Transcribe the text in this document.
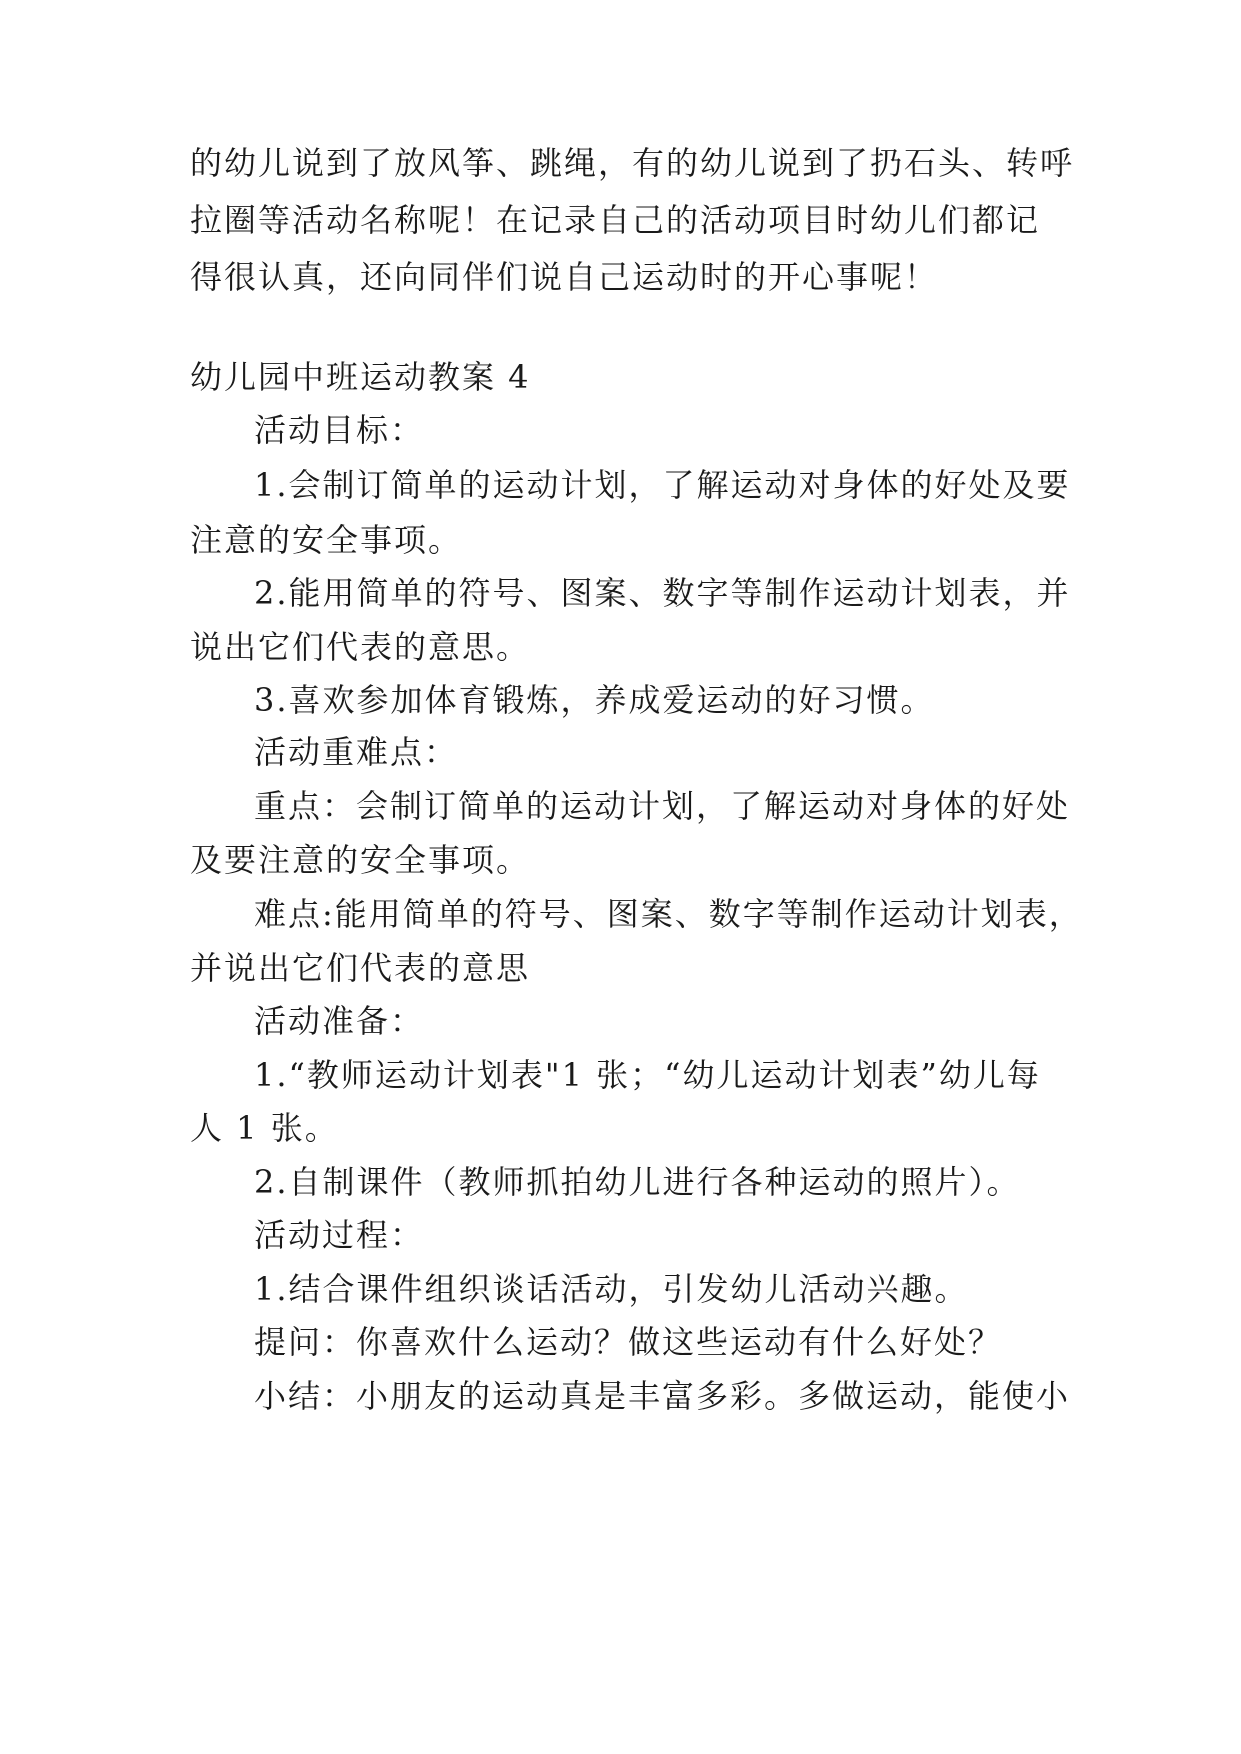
的幼儿说到了放风筝、跳绳，有的幼儿说到了扔石头、转呼
拉圈等活动名称呢！在记录自己的活动项目时幼儿们都记
得很认真，还向同伴们说自己运动时的开心事呢！
幼儿园中班运动教案 4
活动目标：
1.会制订简单的运动计划，了解运动对身体的好处及要
注意的安全事项。
2.能用简单的符号、图案、数字等制作运动计划表，并
说出它们代表的意思。
3.喜欢参加体育锻炼，养成爱运动的好习惯。
活动重难点：
重点：会制订简单的运动计划，了解运动对身体的好处
及要注意的安全事项。
难点:能用简单的符号、图案、数字等制作运动计划表，
并说出它们代表的意思
活动准备：
1.“教师运动计划表"1 张；“幼儿运动计划表”幼儿每
人 1 张。
2.自制课件（教师抓拍幼儿进行各种运动的照片）。
活动过程：
1.结合课件组织谈话活动，引发幼儿活动兴趣。
提问：你喜欢什么运动？做这些运动有什么好处？
小结：小朋友的运动真是丰富多彩。多做运动，能使小
